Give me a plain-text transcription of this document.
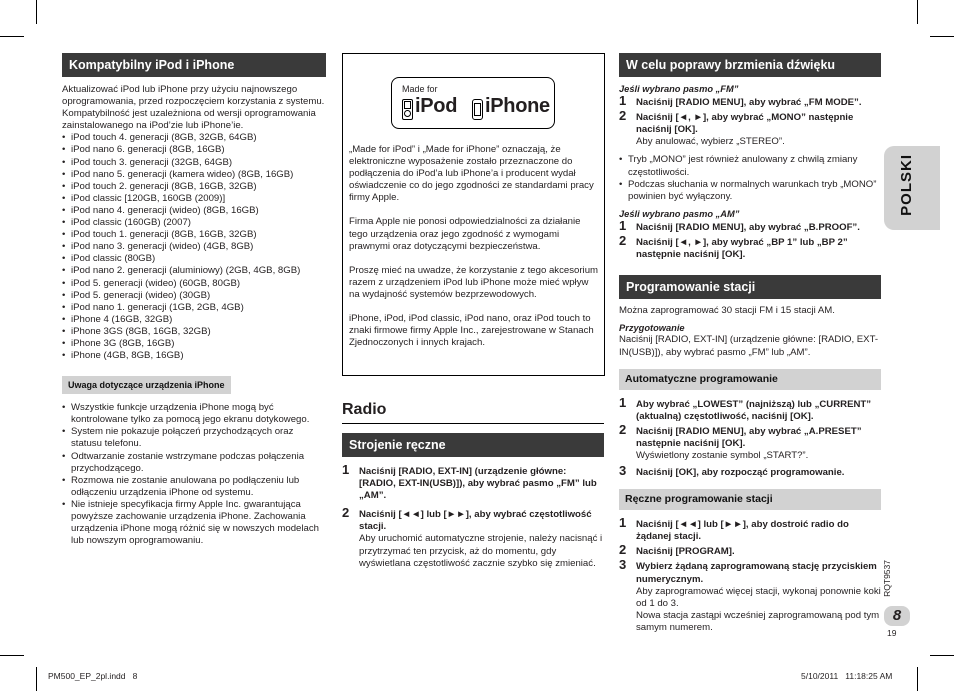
Kompatybilny iPod i iPhone

Aktualizować iPod lub iPhone przy użyciu najnowszego oprogramowania, przed rozpoczęciem korzystania z systemu.

Kompatybilność jest uzależniona od wersji oprogramowania zainstalowanego na iPod’zie lub iPhone’ie.

• iPod touch 4. generacji (8GB, 32GB, 64GB)
• iPod nano 6. generacji (8GB, 16GB)
• iPod touch 3. generacji (32GB, 64GB)
• iPod nano 5. generacji (kamera wideo) (8GB, 16GB)
• iPod touch 2. generacji (8GB, 16GB, 32GB)
• iPod classic [120GB, 160GB (2009)]
• iPod nano 4. generacji (wideo) (8GB, 16GB)
• iPod classic (160GB) (2007)
• iPod touch 1. generacji (8GB, 16GB, 32GB)
• iPod nano 3. generacji (wideo) (4GB, 8GB)
• iPod classic (80GB)
• iPod nano 2. generacji (aluminiowy) (2GB, 4GB, 8GB)
• iPod 5. generacji (wideo) (60GB, 80GB)
• iPod 5. generacji (wideo) (30GB)
• iPod nano 1. generacji (1GB, 2GB, 4GB)
• iPhone 4 (16GB, 32GB)
• iPhone 3GS (8GB, 16GB, 32GB)
• iPhone 3G (8GB, 16GB)
• iPhone (4GB, 8GB, 16GB)
Uwaga dotyczące urządzenia iPhone
• Wszystkie funkcje urządzenia iPhone mogą być kontrolowane tylko za pomocą jego ekranu dotykowego.
• System nie pokazuje połączeń przychodzących oraz statusu telefonu.
• Odtwarzanie zostanie wstrzymane podczas połączenia przychodzącego.
• Rozmowa nie zostanie anulowana po podłączeniu lub odłączeniu urządzenia iPhone od systemu.
• Nie istnieje specyfikacja firmy Apple Inc. gwarantująca powyższe zachowanie urządzenia iPhone. Zachowania urządzenia iPhone mogą różnić się w nowszych modelach lub nowszym oprogramowaniu.
Made for
iPod iPhone

„Made for iPod” i „Made for iPhone” oznaczają, że elektroniczne wyposażenie zostało przeznaczone do podłączenia do iPod’a lub iPhone’a i producent wydał oświadczenie co do jego zgodności ze standardami pracy firmy Apple.

Firma Apple nie ponosi odpowiedzialności za działanie tego urządzenia oraz jego zgodność z wymogami prawnymi oraz dotyczącymi bezpieczeństwa.

Proszę mieć na uwadze, że korzystanie z tego akcesorium razem z urządzeniem iPod lub iPhone może mieć wpływ na wydajność systemów bezprzewodowych.

iPhone, iPod, iPod classic, iPod nano, oraz iPod touch to znaki firmowe firmy Apple Inc., zarejestrowane w Stanach Zjednoczonych i innych krajach.

Radio
Strojenie ręczne
1 Naciśnij [RADIO, EXT-IN] (urządzenie główne: [RADIO, EXT-IN(USB)]), aby wybrać pasmo „FM” lub „AM”.
2 Naciśnij [◄◄] lub [►►], aby wybrać częstotliwość stacji.
Aby uruchomić automatyczne strojenie, należy nacisnąć i przytrzymać ten przycisk, aż do momentu, gdy wyświetlana częstotliwość zacznie szybko się zmieniać.
W celu poprawy brzmienia dźwięku
Jeśli wybrano pasmo „FM”
1 Naciśnij [RADIO MENU], aby wybrać „FM MODE”.
2 Naciśnij [◄, ►], aby wybrać „MONO” następnie naciśnij [OK].
Aby anulować, wybierz „STEREO”.
• Tryb „MONO” jest również anulowany z chwilą zmiany częstotliwości.
• Podczas słuchania w normalnych warunkach tryb „MONO” powinien być wyłączony.
Jeśli wybrano pasmo „AM”
1 Naciśnij [RADIO MENU], aby wybrać „B.PROOF”.
2 Naciśnij [◄, ►], aby wybrać „BP 1” lub „BP 2” następnie naciśnij [OK].
Programowanie stacji

Można zaprogramować 30 stacji FM i 15 stacji AM.

Przygotowanie

Naciśnij [RADIO, EXT-IN] (urządzenie główne: [RADIO, EXT-IN(USB)]), aby wybrać pasmo „FM” lub „AM”.

Automatyczne programowanie
1 Aby wybrać „LOWEST” (najniższą) lub „CURRENT” (aktualną) częstotliwość, naciśnij [OK].
2 Naciśnij [RADIO MENU], aby wybrać „A.PRESET” następnie naciśnij [OK].
Wyświetlony zostanie symbol „START?”.
3 Naciśnij [OK], aby rozpocząć programowanie.
Ręczne programowanie stacji
1 Naciśnij [◄◄] lub [►►], aby dostroić radio do żądanej stacji.
2 Naciśnij [PROGRAM].
3 Wybierz żądaną zaprogramowaną stację przyciskiem numerycznym.
Aby zaprogramować więcej stacji, wykonaj ponownie koki od 1 do 3.
Nowa stacja zastąpi wcześniej zaprogramowaną pod tym samym numerem.
POLSKI
RQT9537
8
19
PM500_EP_2pl.indd   8	5/10/2011   11:18:25 AM
